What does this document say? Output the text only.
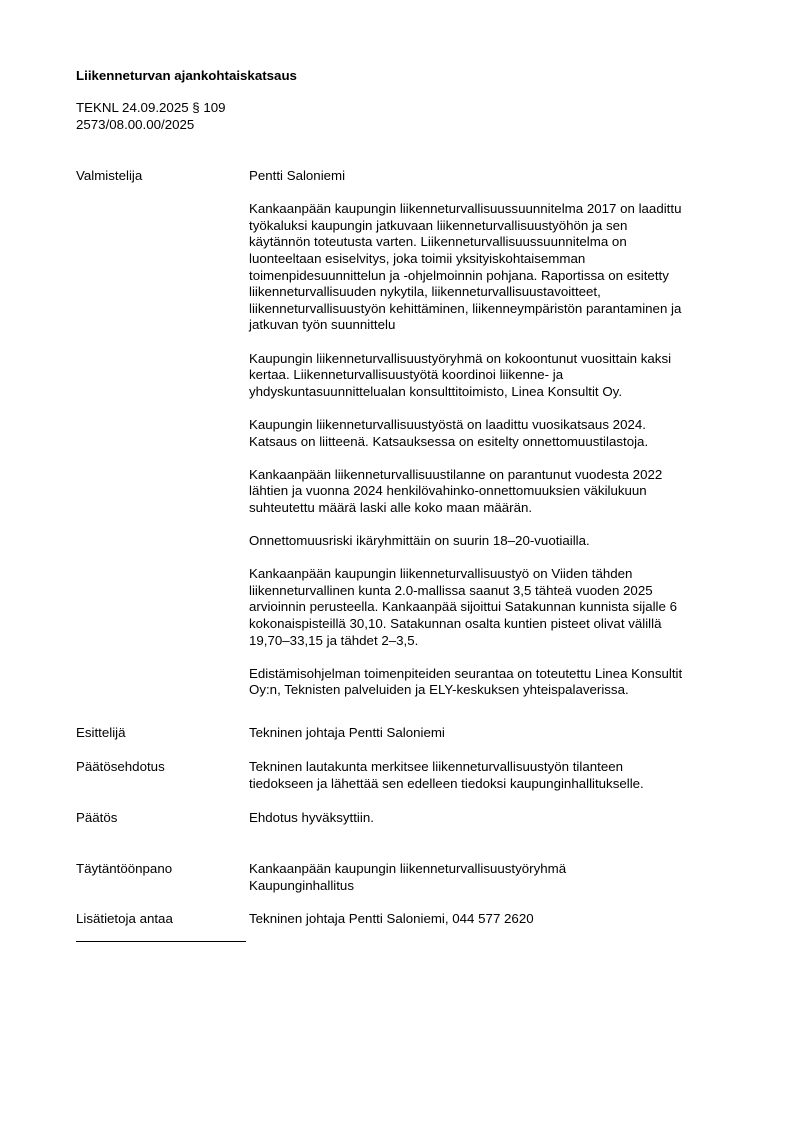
Liikenneturvan ajankohtaiskatsaus
TEKNL 24.09.2025 § 109
2573/08.00.00/2025
Valmistelija	Pentti Saloniemi
Kankaanpään kaupungin liikenneturvallisuussuunnitelma 2017 on laadittu
työkaluksi kaupungin jatkuvaan liikenneturvallisuustyöhön ja sen
käytännön toteutusta varten. Liikenneturvallisuussuunnitelma on
luonteeltaan esiselvitys, joka toimii yksityiskohtaisemman
toimenpidesuunnittelun ja -ohjelmoinnin pohjana. Raportissa on esitetty
liikenneturvallisuuden nykytila, liikenneturvallisuustavoitteet,
liikenneturvallisuustyön kehittäminen, liikenneympäristön parantaminen ja
jatkuvan työn suunnittelu
Kaupungin liikenneturvallisuustyöryhmä on kokoontunut vuosittain kaksi
kertaa. Liikenneturvallisuustyötä koordinoi liikenne- ja
yhdyskuntasuunnittelualan konsulttitoimisto, Linea Konsultit Oy.
Kaupungin liikenneturvallisuustyöstä on laadittu vuosikatsaus 2024.
Katsaus on liitteenä. Katsauksessa on esitelty onnettomuustilastoja.
Kankaanpään liikenneturvallisuustilanne on parantunut vuodesta 2022
lähtien ja vuonna 2024 henkilövahinko-onnettomuuksien väkilukuun
suhteutettu määrä laski alle koko maan määrän.
Onnettomuusriski ikäryhmittäin on suurin 18–20-vuotiailla.
Kankaanpään kaupungin liikenneturvallisuustyö on Viiden tähden
liikenneturvallinen kunta 2.0-mallissa saanut 3,5 tähteä vuoden 2025
arvioinnin perusteella. Kankaanpää sijoittui Satakunnan kunnista sijalle 6
kokonaispisteillä 30,10. Satakunnan osalta kuntien pisteet olivat välillä
19,70–33,15 ja tähdet 2–3,5.
Edistämisohjelman toimenpiteiden seurantaa on toteutettu Linea Konsultit
Oy:n, Teknisten palveluiden ja ELY-keskuksen yhteispalaverissa.
Esittelijä	Tekninen johtaja Pentti Saloniemi
Päätösehdotus	Tekninen lautakunta merkitsee liikenneturvallisuustyön tilanteen
tiedokseen ja lähettää sen edelleen tiedoksi kaupunginhallitukselle.
Päätös	Ehdotus hyväksyttiin.
Täytäntöönpano	Kankaanpään kaupungin liikenneturvallisuustyöryhmä
Kaupunginhallitus
Lisätietoja antaa	Tekninen johtaja Pentti Saloniemi, 044 577 2620
